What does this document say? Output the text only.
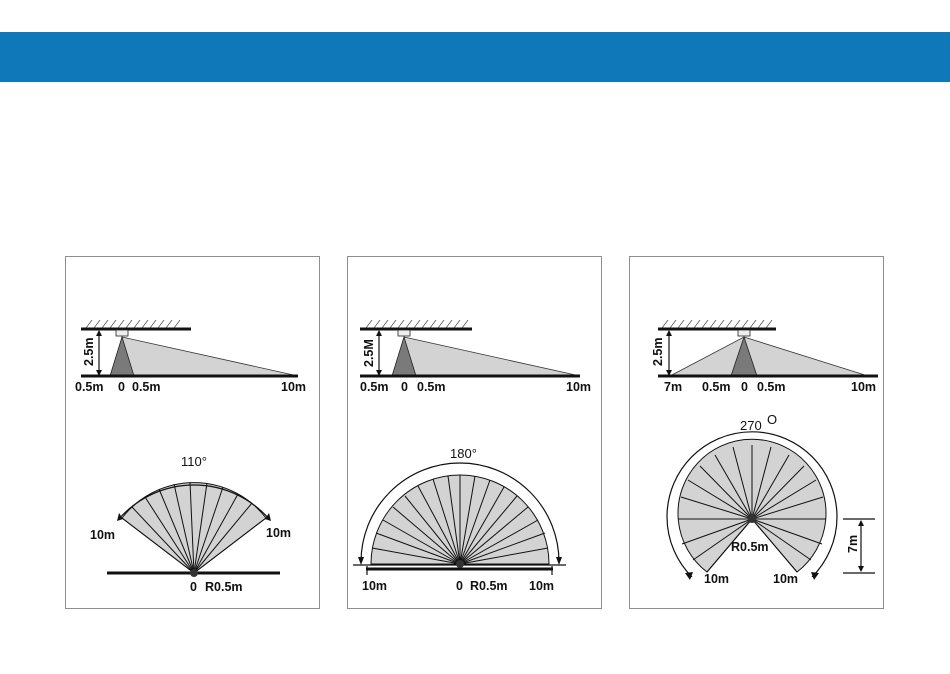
2.5m
0.5m 0 0.5m	10m
110°
10m	10m
0 R0.5m
2.5M
0.5m 0 0.5m	10m
180°
10m	0 R0.5m 10m
2.5m
7m 0.5m 0 0.5m	10m
270 O
R0.5m
10m	10m
7m
